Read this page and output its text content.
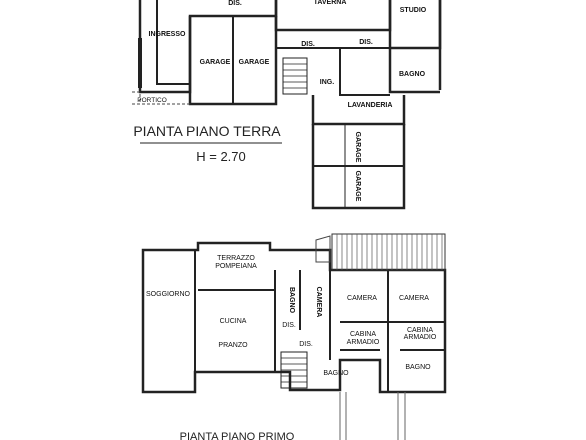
INGRESSO
GARAGE GARAGE
DIS.	TAVERNA
STUDIO
DIS.	DIS.
ING.
BAGNO
LAVANDERIA
PORTICO
GARAGE
GARAGE
PIANTA PIANO TERRA
H = 2.70
TERRAZZO
POMPEIANA
SOGGIORNO
CAMERA	CAMERA
CUCINA
DIS.
CABINA
ARMADIO
CABINA
ARMADIO
PRANZO	DIS.
BAGNO
BAGNO
BAGNO	CAMERA
PIANTA PIANO PRIMO
